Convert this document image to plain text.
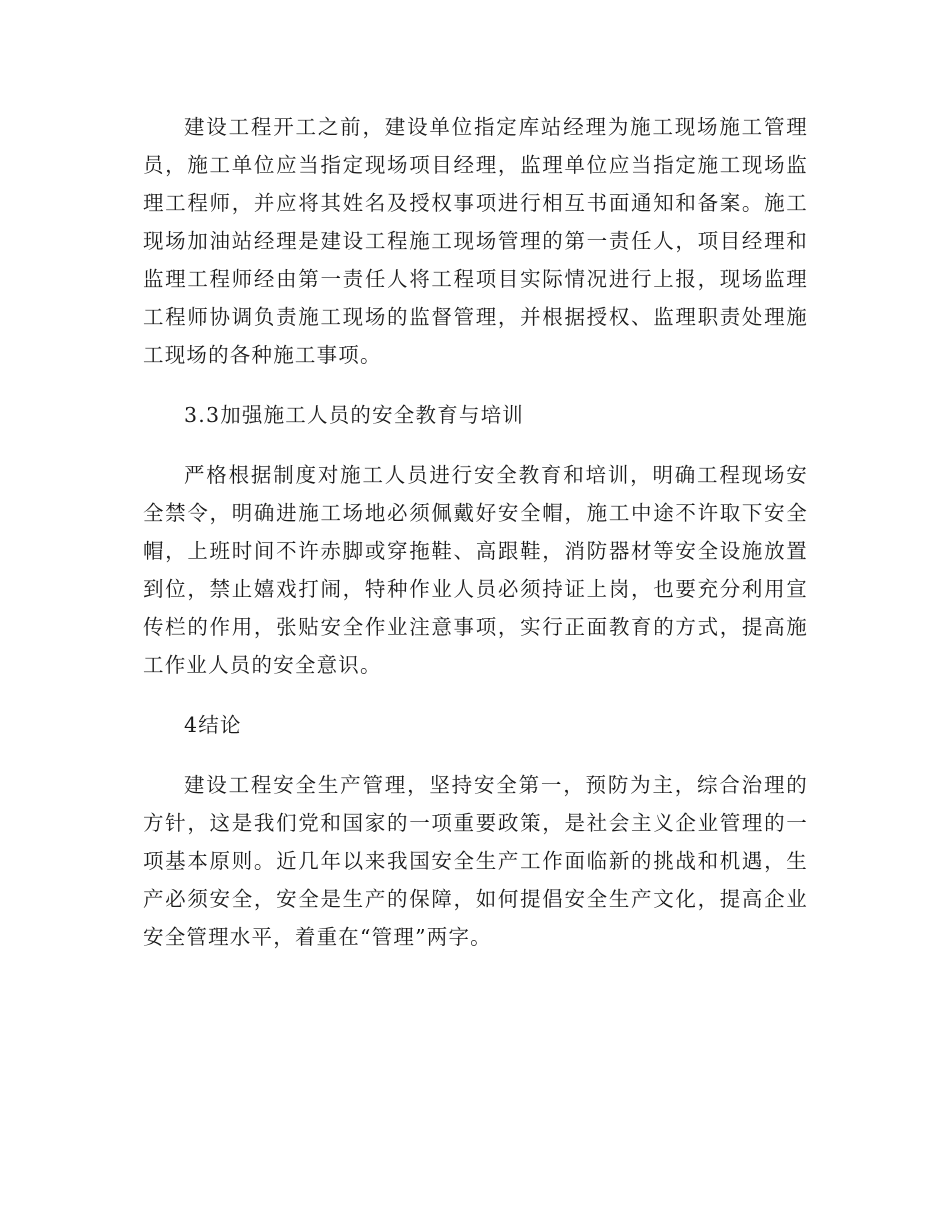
建设工程开工之前，建设单位指定库站经理为施工现场施工管理员，施工单位应当指定现场项目经理，监理单位应当指定施工现场监理工程师，并应将其姓名及授权事项进行相互书面通知和备案。施工现场加油站经理是建设工程施工现场管理的第一责任人，项目经理和监理工程师经由第一责任人将工程项目实际情况进行上报，现场监理工程师协调负责施工现场的监督管理，并根据授权、监理职责处理施工现场的各种施工事项。

3.3加强施工人员的安全教育与培训

严格根据制度对施工人员进行安全教育和培训，明确工程现场安全禁令，明确进施工场地必须佩戴好安全帽，施工中途不许取下安全帽，上班时间不许赤脚或穿拖鞋、高跟鞋，消防器材等安全设施放置到位，禁止嬉戏打闹，特种作业人员必须持证上岗，也要充分利用宣传栏的作用，张贴安全作业注意事项，实行正面教育的方式，提高施工作业人员的安全意识。

4结论

建设工程安全生产管理，坚持安全第一，预防为主，综合治理的方针，这是我们党和国家的一项重要政策，是社会主义企业管理的一项基本原则。近几年以来我国安全生产工作面临新的挑战和机遇，生产必须安全，安全是生产的保障，如何提倡安全生产文化，提高企业安全管理水平，着重在“管理”两字。
